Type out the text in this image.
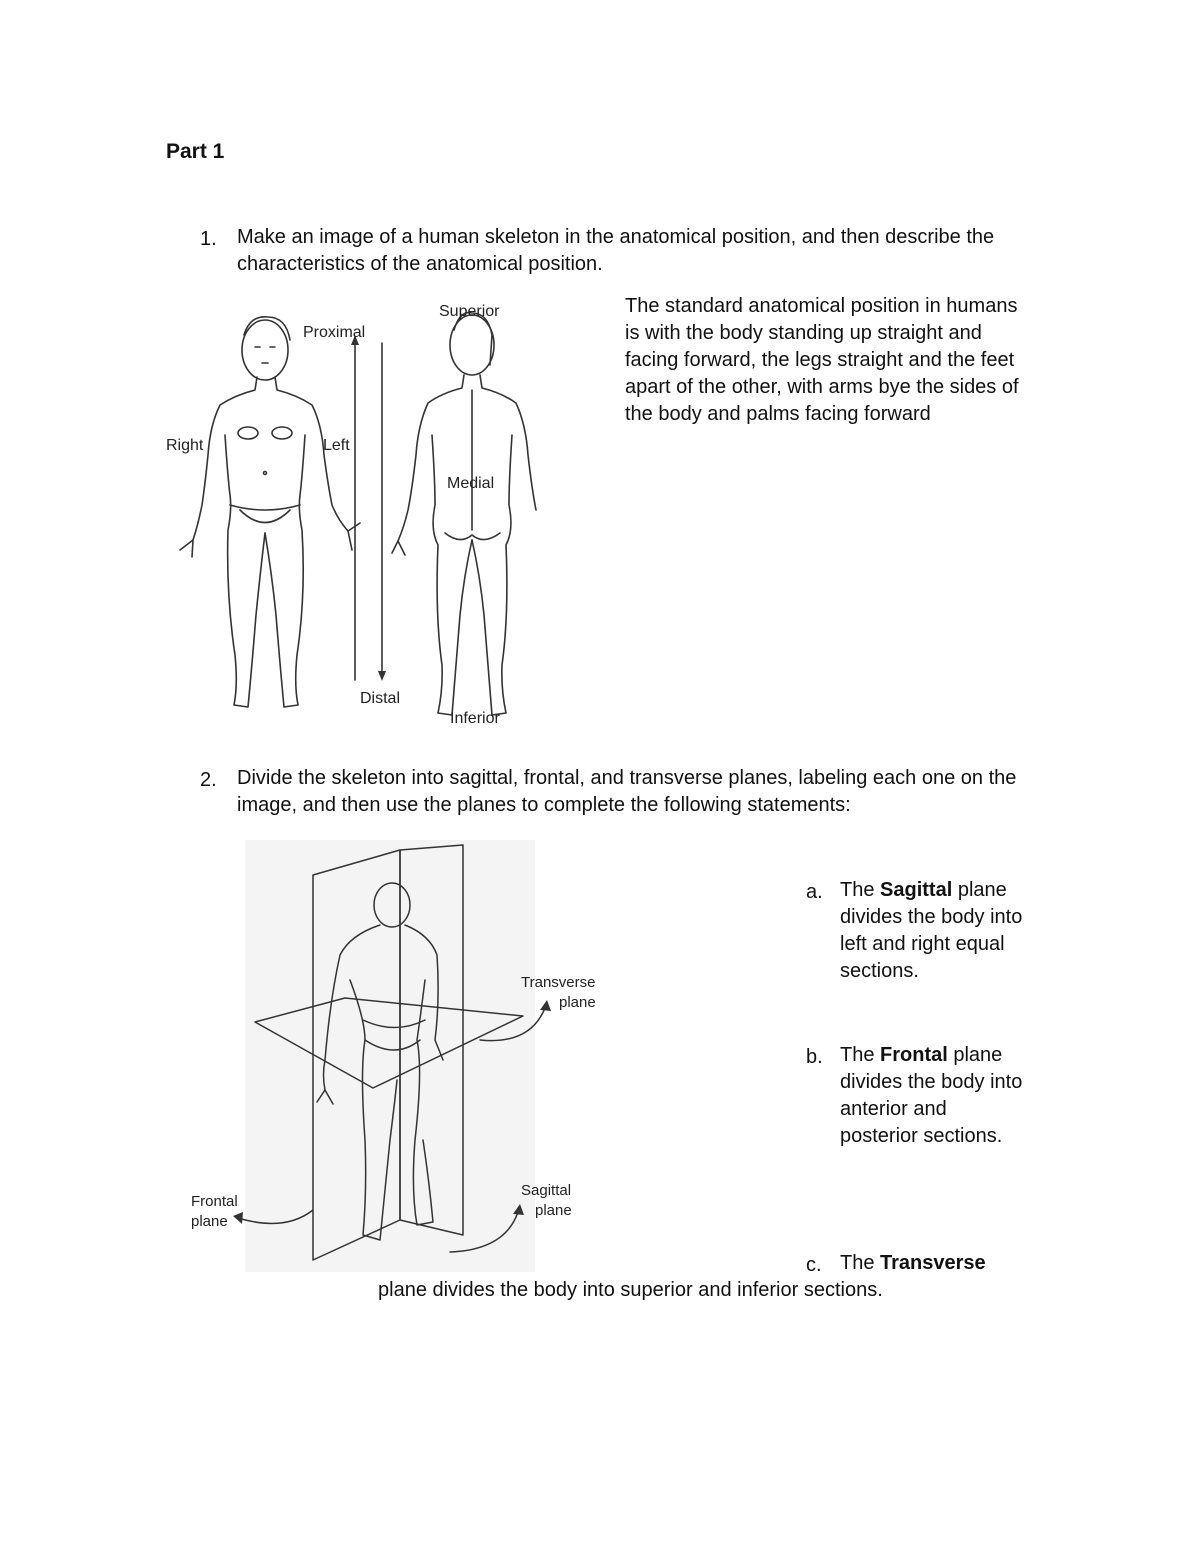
Part 1
1. Make an image of a human skeleton in the anatomical position, and then describe the characteristics of the anatomical position.
Right	Left
Proximal
Distal
Superior
Medial
Inferior
The standard anatomical position in humans is with the body standing up straight and facing forward, the legs straight and the feet apart of the other, with arms bye the sides of the body and palms facing forward
2. Divide the skeleton into sagittal, frontal, and transverse planes, labeling each one on the image, and then use the planes to complete the following statements:
Transverse
plane
Frontal
plane
Sagittal
plane
a. The Sagittal plane divides the body into left and right equal sections.
b. The Frontal plane divides the body into anterior and posterior sections.
c. The Transverse
plane divides the body into superior and inferior sections.
